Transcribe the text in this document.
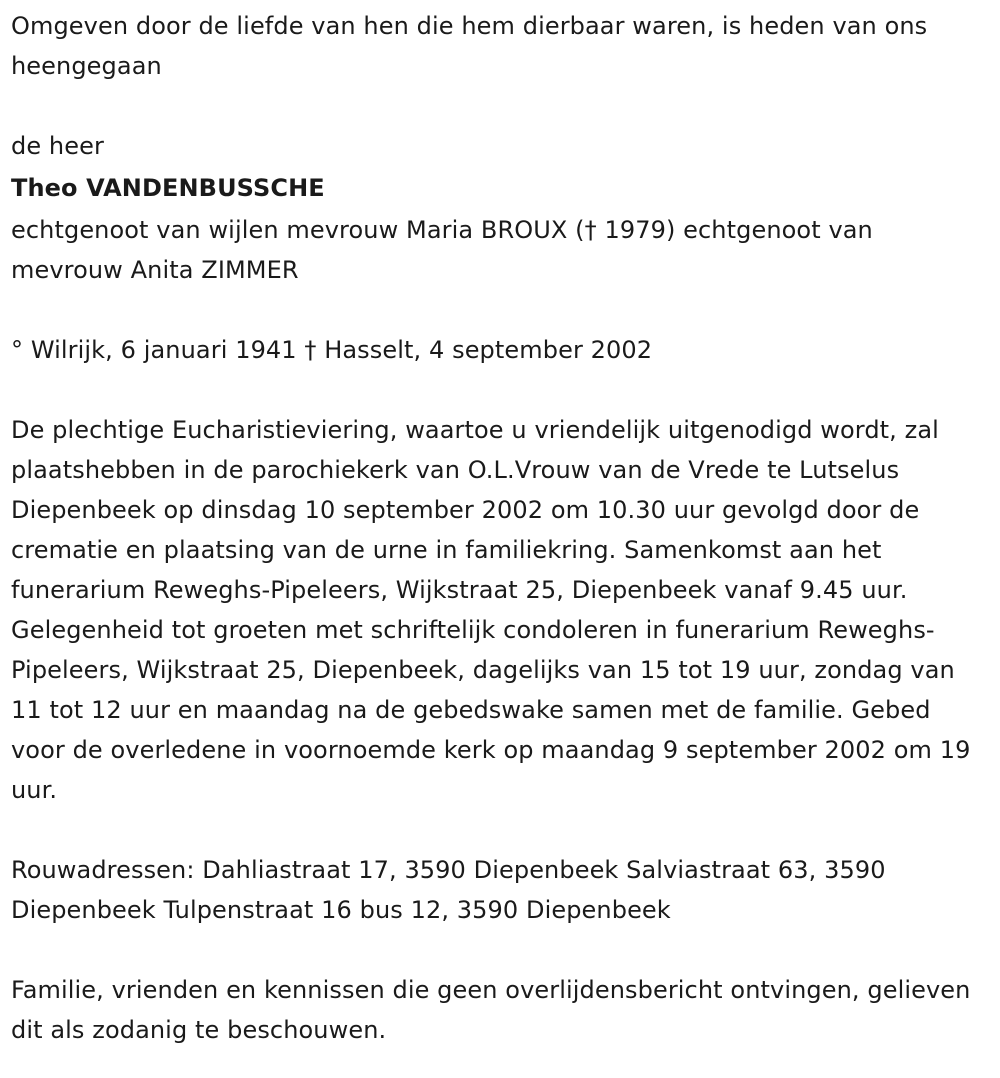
Omgeven door de liefde van hen die hem dierbaar waren, is heden van ons heengegaan

de heer

Theo VANDENBUSSCHE

echtgenoot van wijlen mevrouw Maria BROUX († 1979) echtgenoot van mevrouw Anita ZIMMER

° Wilrijk, 6 januari 1941 † Hasselt, 4 september 2002

De plechtige Eucharistieviering, waartoe u vriendelijk uitgenodigd wordt, zal plaatshebben in de parochiekerk van O.L.Vrouw van de Vrede te Lutselus Diepenbeek op dinsdag 10 september 2002 om 10.30 uur gevolgd door de crematie en plaatsing van de urne in familiekring. Samenkomst aan het funerarium Reweghs-Pipeleers, Wijkstraat 25, Diepenbeek vanaf 9.45 uur. Gelegenheid tot groeten met schriftelijk condoleren in funerarium Reweghs-Pipeleers, Wijkstraat 25, Diepenbeek, dagelijks van 15 tot 19 uur, zondag van 11 tot 12 uur en maandag na de gebedswake samen met de familie. Gebed voor de overledene in voornoemde kerk op maandag 9 september 2002 om 19 uur.

Rouwadressen: Dahliastraat 17, 3590 Diepenbeek Salviastraat 63, 3590 Diepenbeek Tulpenstraat 16 bus 12, 3590 Diepenbeek

Familie, vrienden en kennissen die geen overlijdensbericht ontvingen, gelieven dit als zodanig te beschouwen.
